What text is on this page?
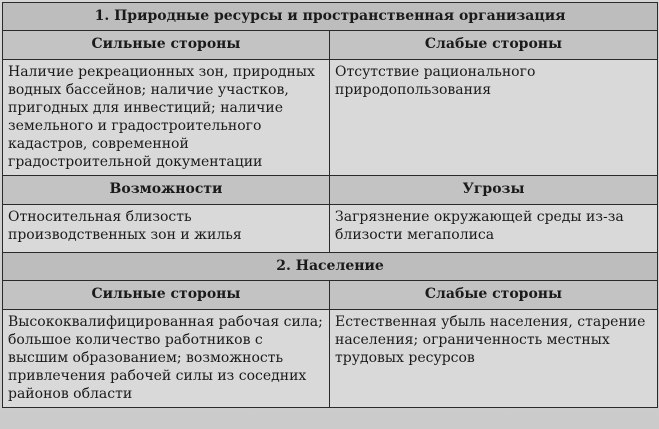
1. Природные ресурсы и пространственная организация	
Сильные стороны	Слабые стороны
Наличие рекреационных зон, природных водных бассейнов; наличие участков, пригодных для инвестиций; наличие земельного и градостроительного кадастров, современной градостроительной документации	Отсутствие рационального природопользования
Возможности	Угрозы
Относительная близость производственных зон и жилья	Загрязнение окружающей среды из-за близости мегаполиса
2. Население	
Сильные стороны	Слабые стороны
Высококвалифицированная рабочая сила; большое количество работников с высшим образованием; возможность привлечения рабочей силы из соседних районов области	Естественная убыль населения, старение населения; ограниченность местных трудовых ресурсов
